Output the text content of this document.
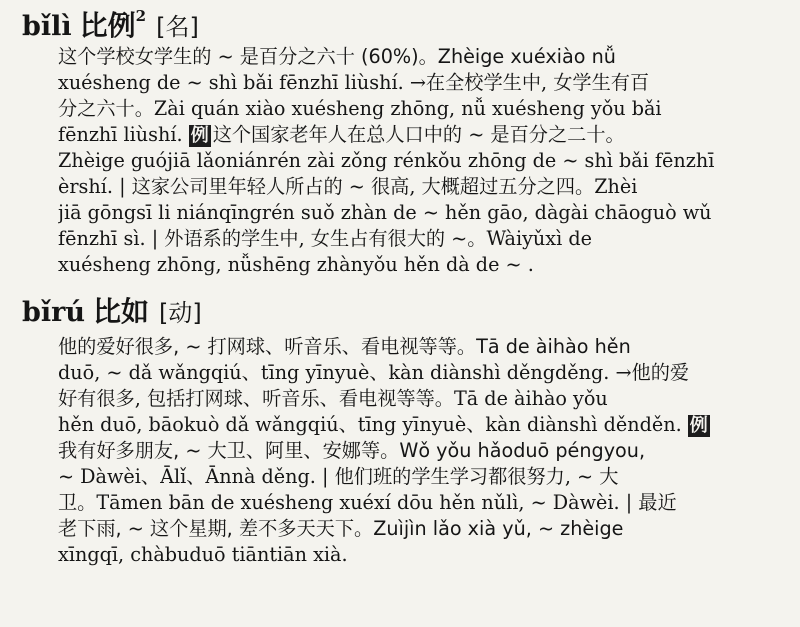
bǐlì 比例$^2$ [名]
这个学校女学生的 ~ 是百分之六十 (60%)。Zhèige xuéxiào nǚ
xuésheng de ~ shì bǎi fēnzhī liùshí. →在全校学生中, 女学生有百
分之六十。Zài quán xiào xuésheng zhōng, nǚ xuésheng yǒu bǎi
fēnzhī liùshí. 例 这个国家老年人在总人口中的 ~ 是百分之二十。
Zhèige guójiā lǎoniánrén zài zǒng rénkǒu zhōng de ~ shì bǎi fēnzhī
èrshí. | 这家公司里年轻人所占的 ~ 很高, 大概超过五分之四。Zhèi
jiā gōngsī li niánqīngrén suǒ zhàn de ~ hěn gāo, dàgài chāoguò wǔ
fēnzhī sì. | 外语系的学生中, 女生占有很大的 ~。Wàiyǔxì de
xuésheng zhōng, nǚshēng zhànyǒu hěn dà de ~ .
bǐrú 比如 [动]
他的爱好很多, ~ 打网球、听音乐、看电视等等。Tā de àihào hěn
duō, ~ dǎ wǎngqiú、tīng yīnyuè、kàn diànshì děngděng. →他的爱
好有很多, 包括打网球、听音乐、看电视等等。Tā de àihào yǒu
hěn duō, bāokuò dǎ wǎngqiú、tīng yīnyuè、kàn diànshì děnděn. 例
我有好多朋友, ~ 大卫、阿里、安娜等。Wǒ yǒu hǎoduō péngyou,
~ Dàwèi、Ālǐ、Ānnà děng. | 他们班的学生学习都很努力, ~ 大
卫。Tāmen bān de xuésheng xuéxí dōu hěn nǔlì, ~ Dàwèi. | 最近
老下雨, ~ 这个星期, 差不多天天下。Zuìjìn lǎo xià yǔ, ~ zhèige
xīngqī, chàbuduō tiāntiān xià.
